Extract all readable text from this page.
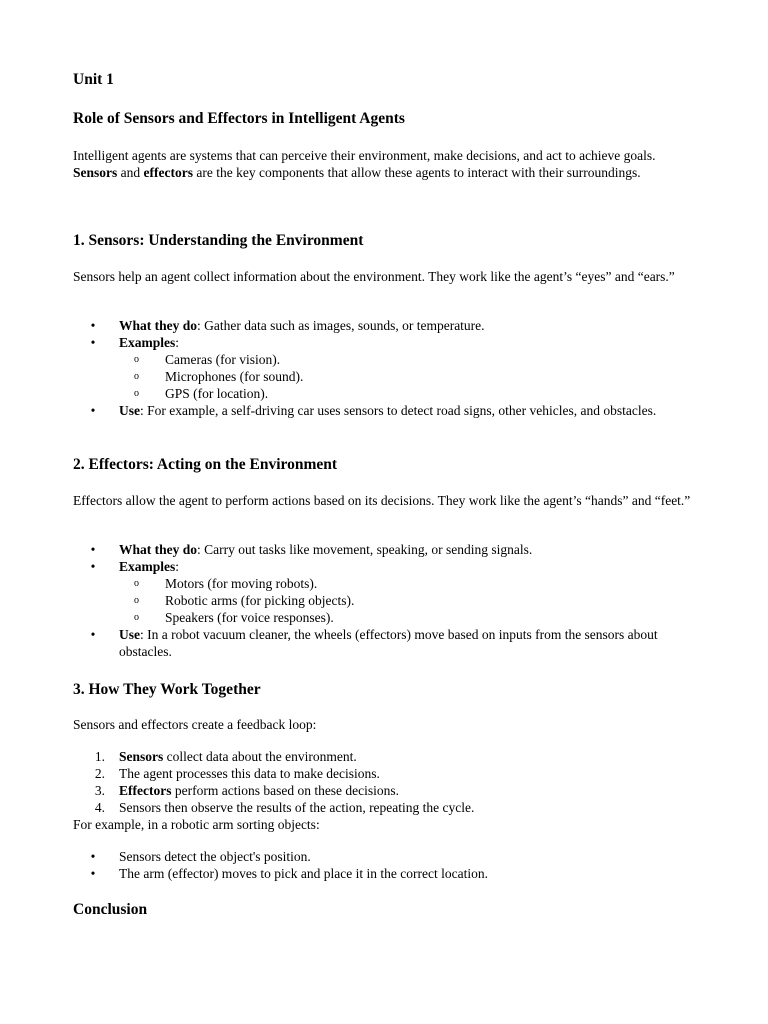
Unit 1
Role of Sensors and Effectors in Intelligent Agents

Intelligent agents are systems that can perceive their environment, make decisions, and act to achieve goals. Sensors and effectors are the key components that allow these agents to interact with their surroundings.

1. Sensors: Understanding the Environment

Sensors help an agent collect information about the environment. They work like the agent’s “eyes” and “ears.”

• What they do: Gather data such as images, sounds, or temperature.
• Examples:
o Cameras (for vision).
o Microphones (for sound).
o GPS (for location).
• Use: For example, a self-driving car uses sensors to detect road signs, other vehicles, and obstacles.
2. Effectors: Acting on the Environment

Effectors allow the agent to perform actions based on its decisions. They work like the agent’s “hands” and “feet.”

• What they do: Carry out tasks like movement, speaking, or sending signals.
• Examples:
o Motors (for moving robots).
o Robotic arms (for picking objects).
o Speakers (for voice responses).
• Use: In a robot vacuum cleaner, the wheels (effectors) move based on inputs from the sensors about obstacles.
3. How They Work Together

Sensors and effectors create a feedback loop:

1. Sensors collect data about the environment.
2. The agent processes this data to make decisions.
3. Effectors perform actions based on these decisions.
4. Sensors then observe the results of the action, repeating the cycle.

For example, in a robotic arm sorting objects:

• Sensors detect the object's position.
• The arm (effector) moves to pick and place it in the correct location.
Conclusion
